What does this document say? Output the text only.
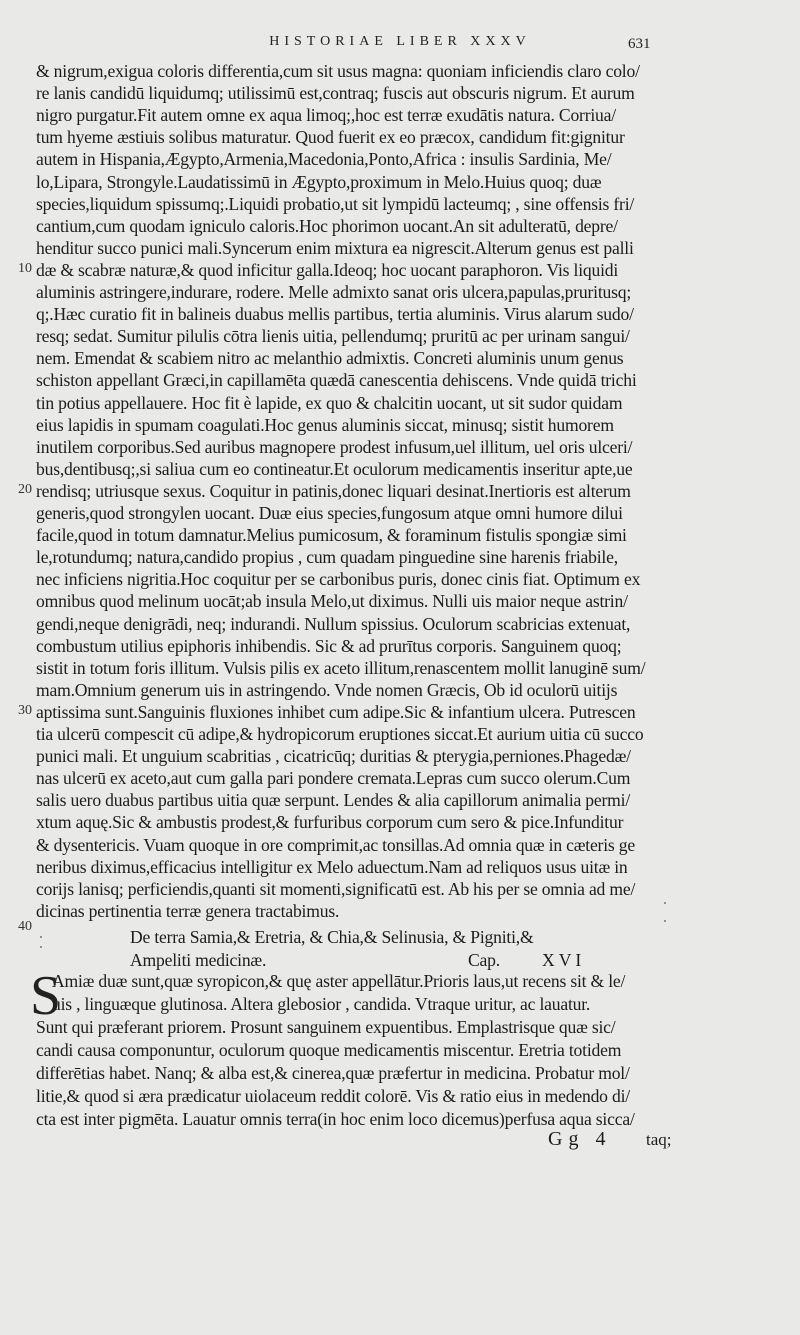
HISTORIAE LIBER XXXV	631
& nigrum,exigua coloris differentia,cum sit usus magna: quoniam inficiendis claro colo/
re lanis candidū liquidumq; utilissimū est,contraq; fuscis aut obscuris nigrum. Et aurum
nigro purgatur.Fit autem omne ex aqua limoq;,hoc est terræ exudātis natura. Corriua/
tum hyeme æstiuis solibus maturatur. Quod fuerit ex eo præcox, candidum fit:gignitur
autem in Hispania,Ægypto,Armenia,Macedonia,Ponto,Africa : insulis Sardinia, Me/
lo,Lipara, Strongyle.Laudatissimū in Ægypto,proximum in Melo.Huius quoq; duæ
species,liquidum spissumq;.Liquidi probatio,ut sit lympidū lacteumq; , sine offensis fri/
cantium,cum quodam igniculo caloris.Hoc phorimon uocant.An sit adulteratū, depre/
henditur succo punici mali.Syncerum enim mixtura ea nigrescit.Alterum genus est palli
dæ & scabræ naturæ,& quod inficitur galla.Ideoq; hoc uocant paraphoron. Vis liquidi
aluminis astringere,indurare, rodere. Melle admixto sanat oris ulcera,papulas,pruritusq;
q;.Hæc curatio fit in balineis duabus mellis partibus, tertia aluminis. Virus alarum sudo/
resq; sedat. Sumitur pilulis cōtra lienis uitia, pellendumq; pruritū ac per urinam sangui/
nem. Emendat & scabiem nitro ac melanthio admixtis. Concreti aluminis unum genus
schiston appellant Græci,in capillamēta quædā canescentia dehiscens. Vnde quidā trichi
tin potius appellauere. Hoc fit è lapide, ex quo & chalcitin uocant, ut sit sudor quidam
eius lapidis in spumam coagulati.Hoc genus aluminis siccat, minusq; sistit humorem
inutilem corporibus.Sed auribus magnopere prodest infusum,uel illitum, uel oris ulceri/
bus,dentibusq;,si saliua cum eo contineatur.Et oculorum medicamentis inseritur apte,ue
rendisq; utriusque sexus. Coquitur in patinis,donec liquari desinat.Inertioris est alterum
generis,quod strongylen uocant. Duæ eius species,fungosum atque omni humore dilui
facile,quod in totum damnatur.Melius pumicosum, & foraminum fistulis spongiæ simi
le,rotundumq; natura,candido propius , cum quadam pinguedine sine harenis friabile,
nec inficiens nigritia.Hoc coquitur per se carbonibus puris, donec cinis fiat. Optimum ex
omnibus quod melinum uocāt;ab insula Melo,ut diximus. Nulli uis maior neque astrin/
gendi,neque denigrādi, neq; indurandi. Nullum spissius. Oculorum scabricias extenuat,
combustum utilius epiphoris inhibendis. Sic & ad prurītus corporis. Sanguinem quoq;
sistit in totum foris illitum. Vulsis pilis ex aceto illitum,renascentem mollit lanuginē sum/
mam.Omnium generum uis in astringendo. Vnde nomen Græcis, Ob id oculorū uitijs
aptissima sunt.Sanguinis fluxiones inhibet cum adipe.Sic & infantium ulcera. Putrescen
tia ulcerū compescit cū adipe,& hydropicorum eruptiones siccat.Et aurium uitia cū succo
punici mali. Et unguium scabritias , cicatricūq; duritias & pterygia,perniones.Phagedæ/
nas ulcerū ex aceto,aut cum galla pari pondere cremata.Lepras cum succo olerum.Cum
salis uero duabus partibus uitia quæ serpunt. Lendes & alia capillorum animalia permi/
xtum aquę.Sic & ambustis prodest,& furfuribus corporum cum sero & pice.Infunditur
& dysentericis. Vuam quoque in ore comprimit,ac tonsillas.Ad omnia quæ in cæteris ge
neribus diximus,efficacius intelligitur ex Melo aduectum.Nam ad reliquos usus uitæ in
corijs lanisq; perficiendis,quanti sit momenti,significatū est. Ab his per se omnia ad me/
dicinas pertinentia terræ genera tractabimus.
10
20
30
40
De terra Samia,& Eretria, & Chia,& Selinusia, & Pigniti,&
Ampeliti medicinæ.	Cap. XVI
S
Amiæ duæ sunt,quæ syropicon,& quę aster appellātur.Prioris laus,ut recens sit & le/
uis , linguæque glutinosa. Altera glebosior , candida. Vtraque uritur, ac lauatur.
Sunt qui præferant priorem. Prosunt sanguinem expuentibus. Emplastrisque quæ sic/
candi causa componuntur, oculorum quoque medicamentis miscentur. Eretria totidem
differētias habet. Nanq; & alba est,& cinerea,quæ præfertur in medicina. Probatur mol/
litie,& quod si æra prædicatur uiolaceum reddit colorē. Vis & ratio eius in medendo di/
cta est inter pigmēta. Lauatur omnis terra(in hoc enim loco dicemus)perfusa aqua sicca/
Gg 4 taq;
